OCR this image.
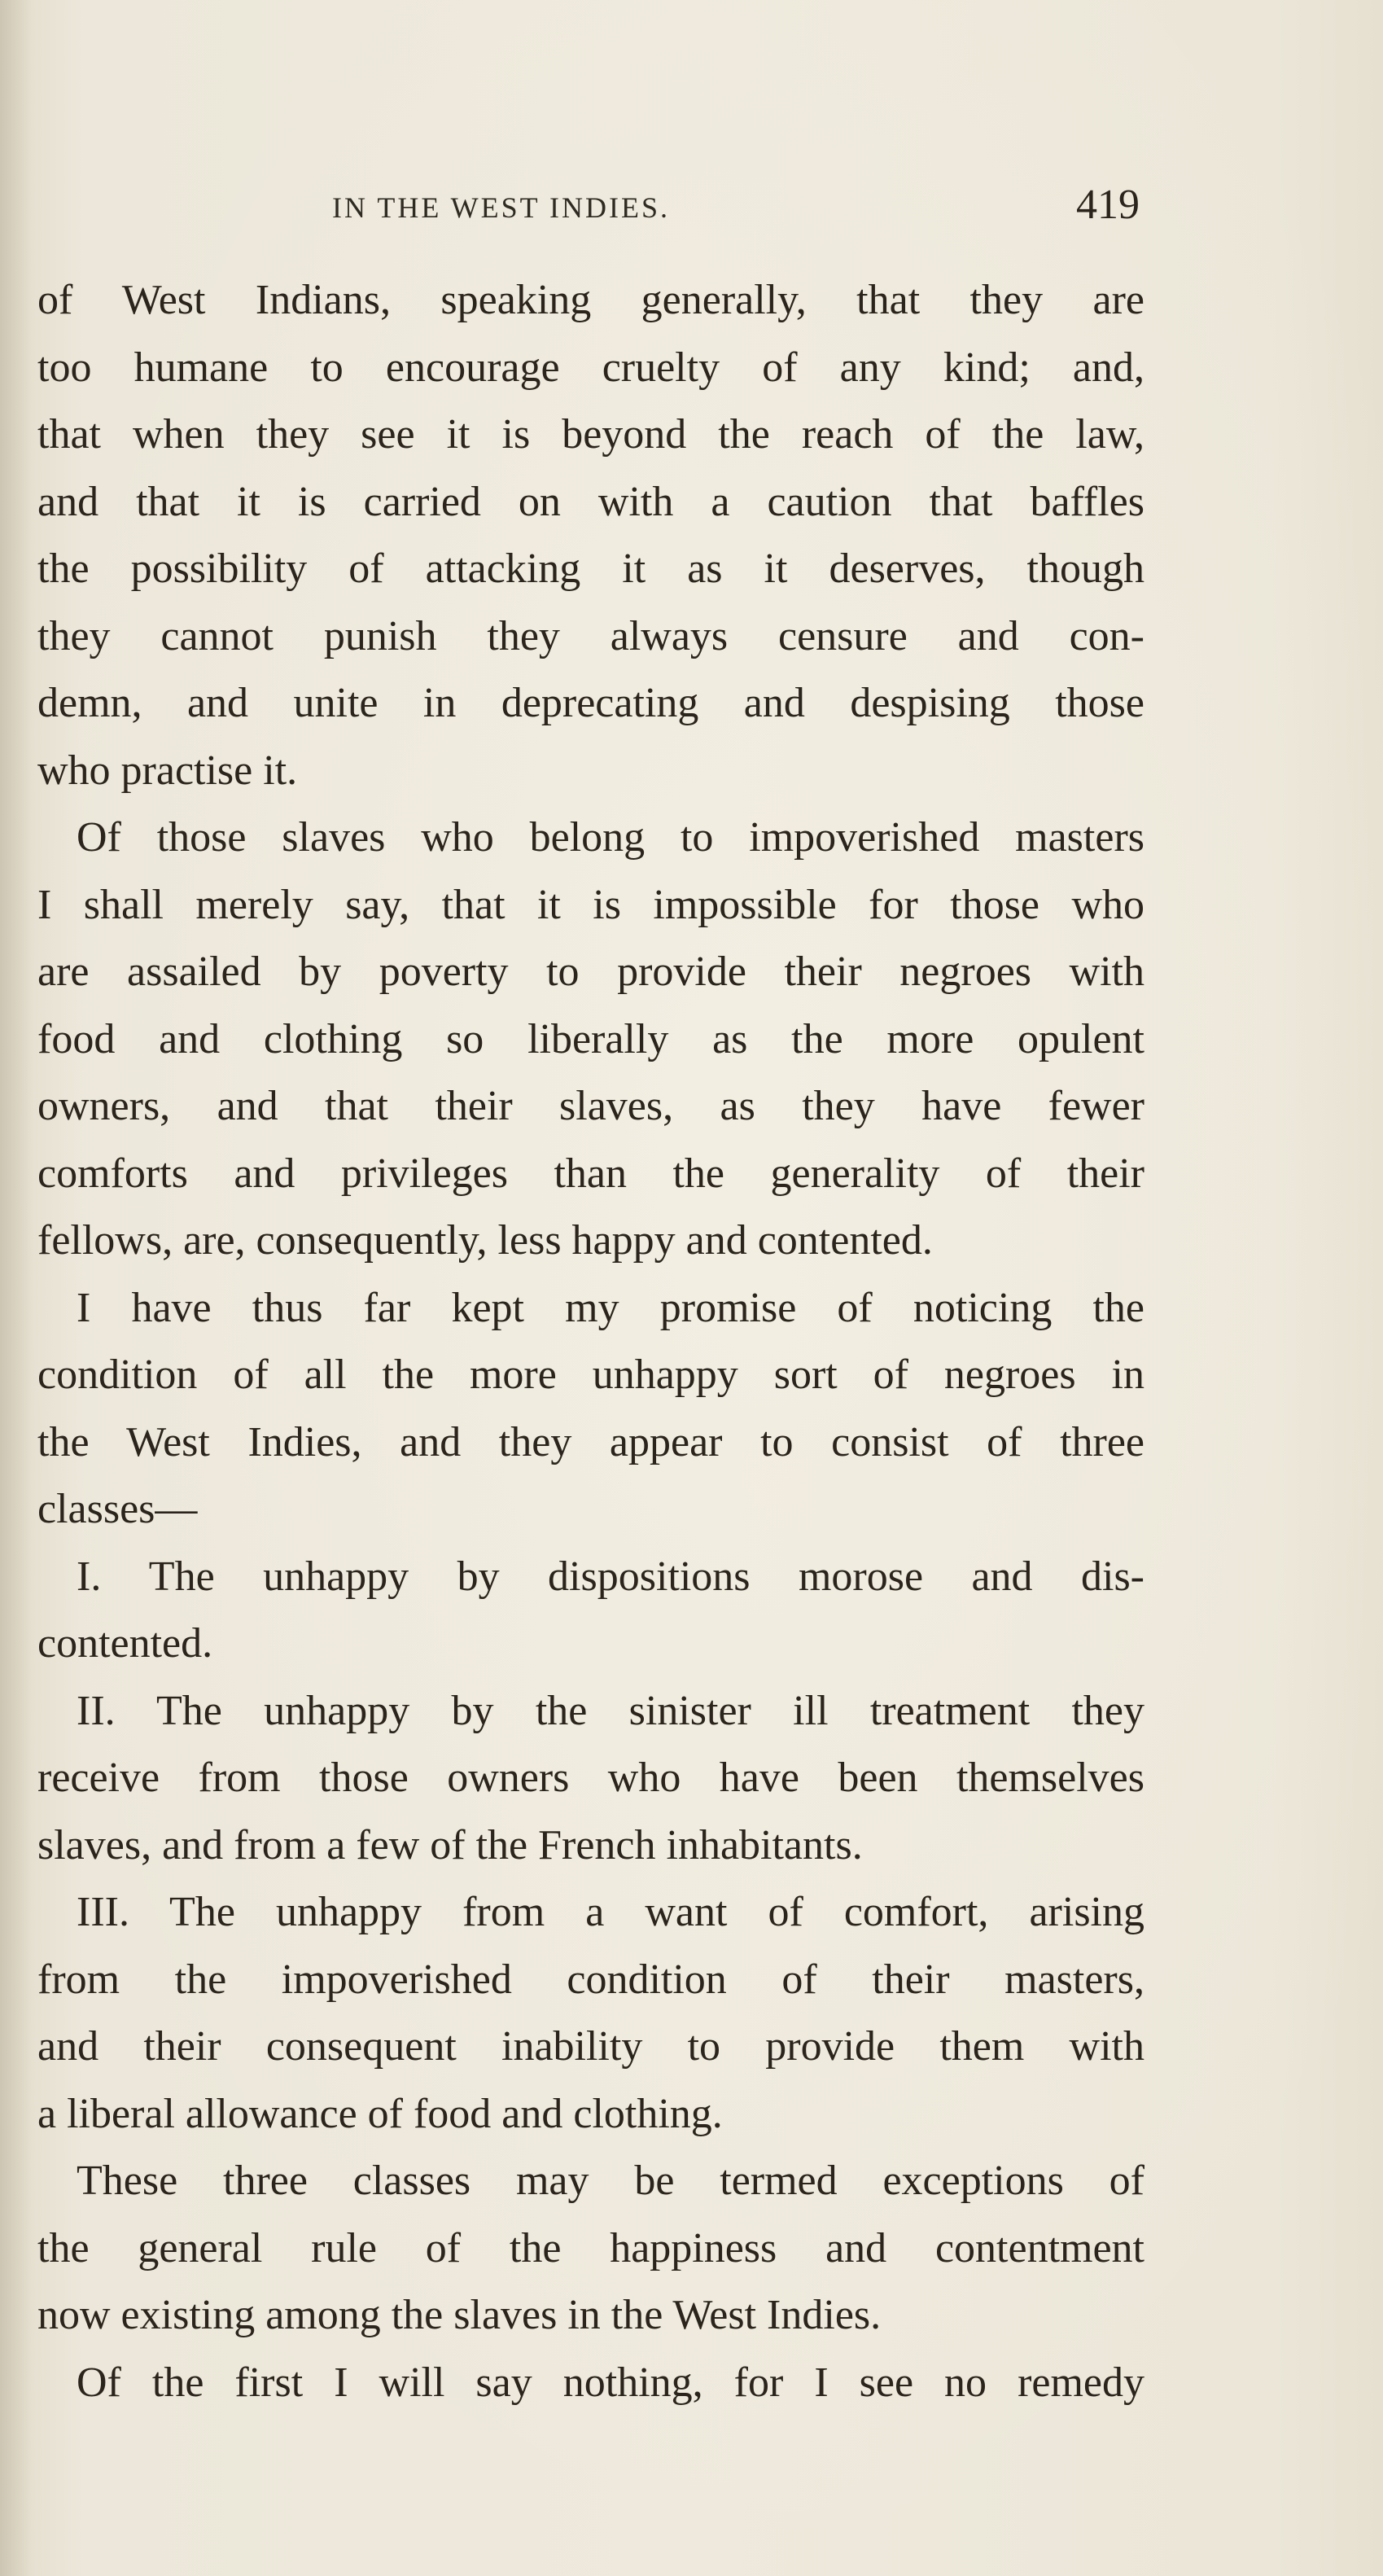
IN THE WEST INDIES.	419
of West Indians, speaking generally, that they are
too humane to encourage cruelty of any kind; and,
that when they see it is beyond the reach of the law,
and that it is carried on with a caution that baffles
the possibility of attacking it as it deserves, though
they cannot punish they always censure and con-
demn, and unite in deprecating and despising those
who practise it.
Of those slaves who belong to impoverished masters
I shall merely say, that it is impossible for those who
are assailed by poverty to provide their negroes with
food and clothing so liberally as the more opulent
owners, and that their slaves, as they have fewer
comforts and privileges than the generality of their
fellows, are, consequently, less happy and contented.
I have thus far kept my promise of noticing the
condition of all the more unhappy sort of negroes in
the West Indies, and they appear to consist of three
classes—
I. The unhappy by dispositions morose and dis-
contented.
II. The unhappy by the sinister ill treatment they
receive from those owners who have been themselves
slaves, and from a few of the French inhabitants.
III. The unhappy from a want of comfort, arising
from the impoverished condition of their masters,
and their consequent inability to provide them with
a liberal allowance of food and clothing.
These three classes may be termed exceptions of
the general rule of the happiness and contentment
now existing among the slaves in the West Indies.
Of the first I will say nothing, for I see no remedy
